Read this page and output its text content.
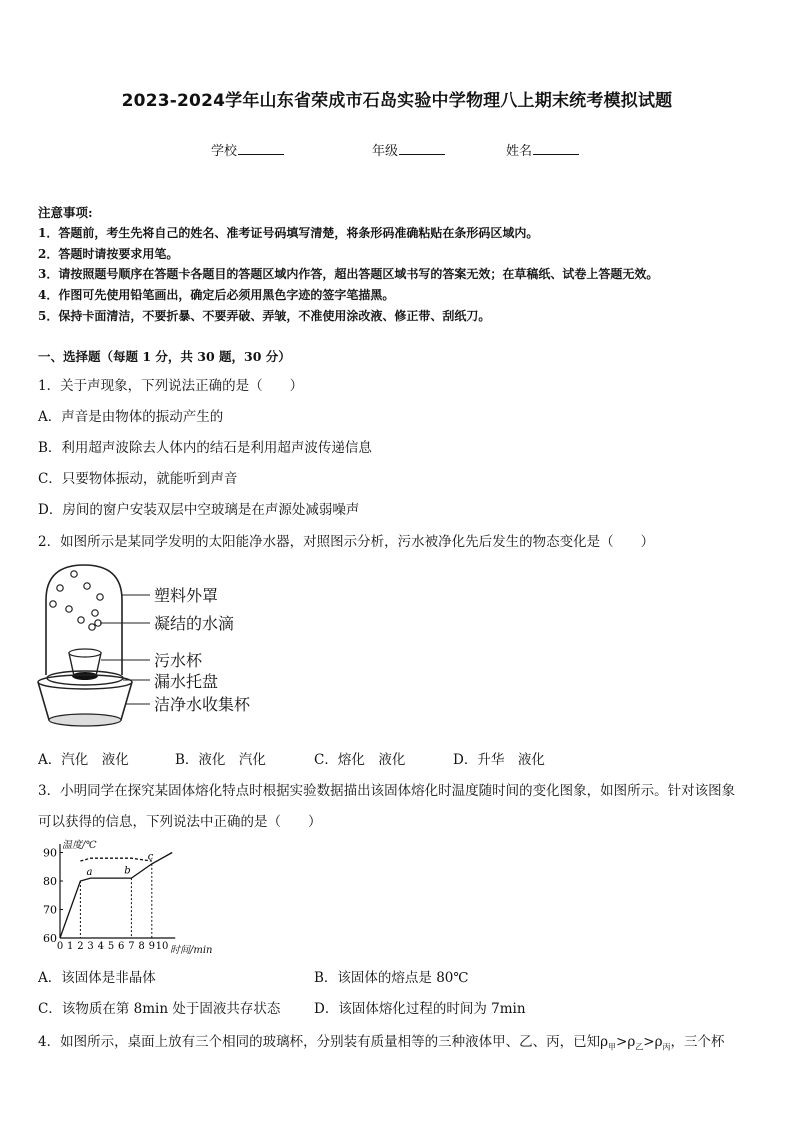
2023-2024学年山东省荣成市石岛实验中学物理八上期末统考模拟试题
学校	年级	姓名
注意事项:
1．答题前，考生先将自己的姓名、准考证号码填写清楚，将条形码准确粘贴在条形码区域内。
2．答题时请按要求用笔。
3．请按照题号顺序在答题卡各题目的答题区域内作答，超出答题区域书写的答案无效；在草稿纸、试卷上答题无效。
4．作图可先使用铅笔画出，确定后必须用黑色字迹的签字笔描黑。
5．保持卡面清洁，不要折暴、不要弄破、弄皱，不准使用涂改液、修正带、刮纸刀。
一、选择题（每题 1 分，共 30 题，30 分）
1．关于声现象，下列说法正确的是（　　）
A．声音是由物体的振动产生的
B．利用超声波除去人体内的结石是利用超声波传递信息
C．只要物体振动，就能听到声音
D．房间的窗户安装双层中空玻璃是在声源处减弱噪声
2．如图所示是某同学发明的太阳能净水器，对照图示分析，污水被净化先后发生的物态变化是（　　）
塑料外罩
凝结的水滴
污水杯
漏水托盘
洁净水收集杯
A．汽化　液化	B．液化　汽化	C．熔化　液化	D．升华　液化
3．小明同学在探究某固体熔化特点时根据实验数据描出该固体熔化时温度随时间的变化图象，如图所示。针对该图象
可以获得的信息，下列说法中正确的是（　　）
温度/℃
时间/min
60
70
80
90
0 1 2 3 4 5 6 7 8 9 10
a	b
c
A．该固体是非晶体	B．该固体的熔点是 80℃
C．该物质在第 8min 处于固液共存状态 D．该固体熔化过程的时间为 7min
4．如图所示，桌面上放有三个相同的玻璃杯，分别装有质量相等的三种液体甲、乙、丙，已知$\rho_甲>\rho_乙>\rho_丙$，三个杯
